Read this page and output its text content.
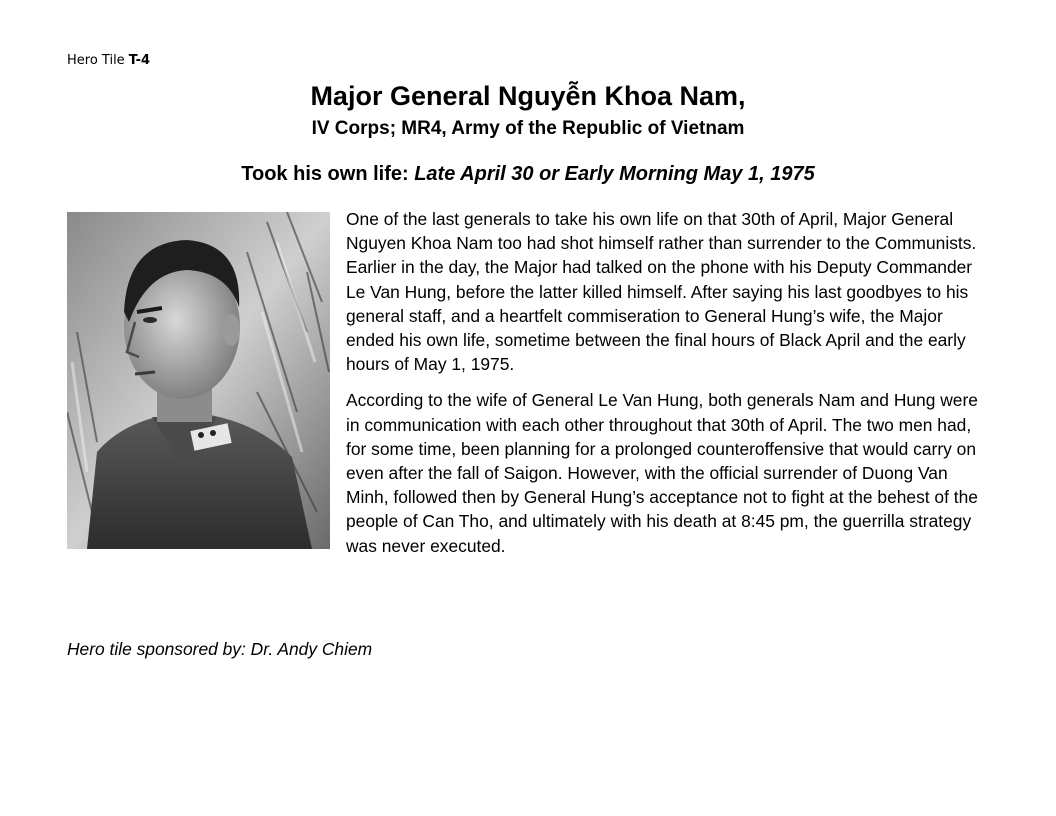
Hero Tile T-4
Major General Nguyễn Khoa Nam,
IV Corps; MR4, Army of the Republic of Vietnam
Took his own life: Late April 30 or Early Morning May 1, 1975

One of the last generals to take his own life on that 30th of April, Major General Nguyen Khoa Nam too had shot himself rather than surrender to the Communists. Earlier in the day, the Major had talked on the phone with his Deputy Commander Le Van Hung, before the latter killed himself. After saying his last goodbyes to his general staff, and a heartfelt commiseration to General Hung’s wife, the Major ended his own life, sometime between the final hours of Black April and the early hours of May 1, 1975.

According to the wife of General Le Van Hung, both generals Nam and Hung were in communication with each other throughout that 30th of April. The two men had, for some time, been planning for a prolonged counteroffensive that would carry on even after the fall of Saigon. However, with the official surrender of Duong Van Minh, followed then by General Hung’s acceptance not to fight at the behest of the people of Can Tho, and ultimately with his death at 8:45 pm, the guerrilla strategy was never executed.

Hero tile sponsored by: Dr. Andy Chiem
